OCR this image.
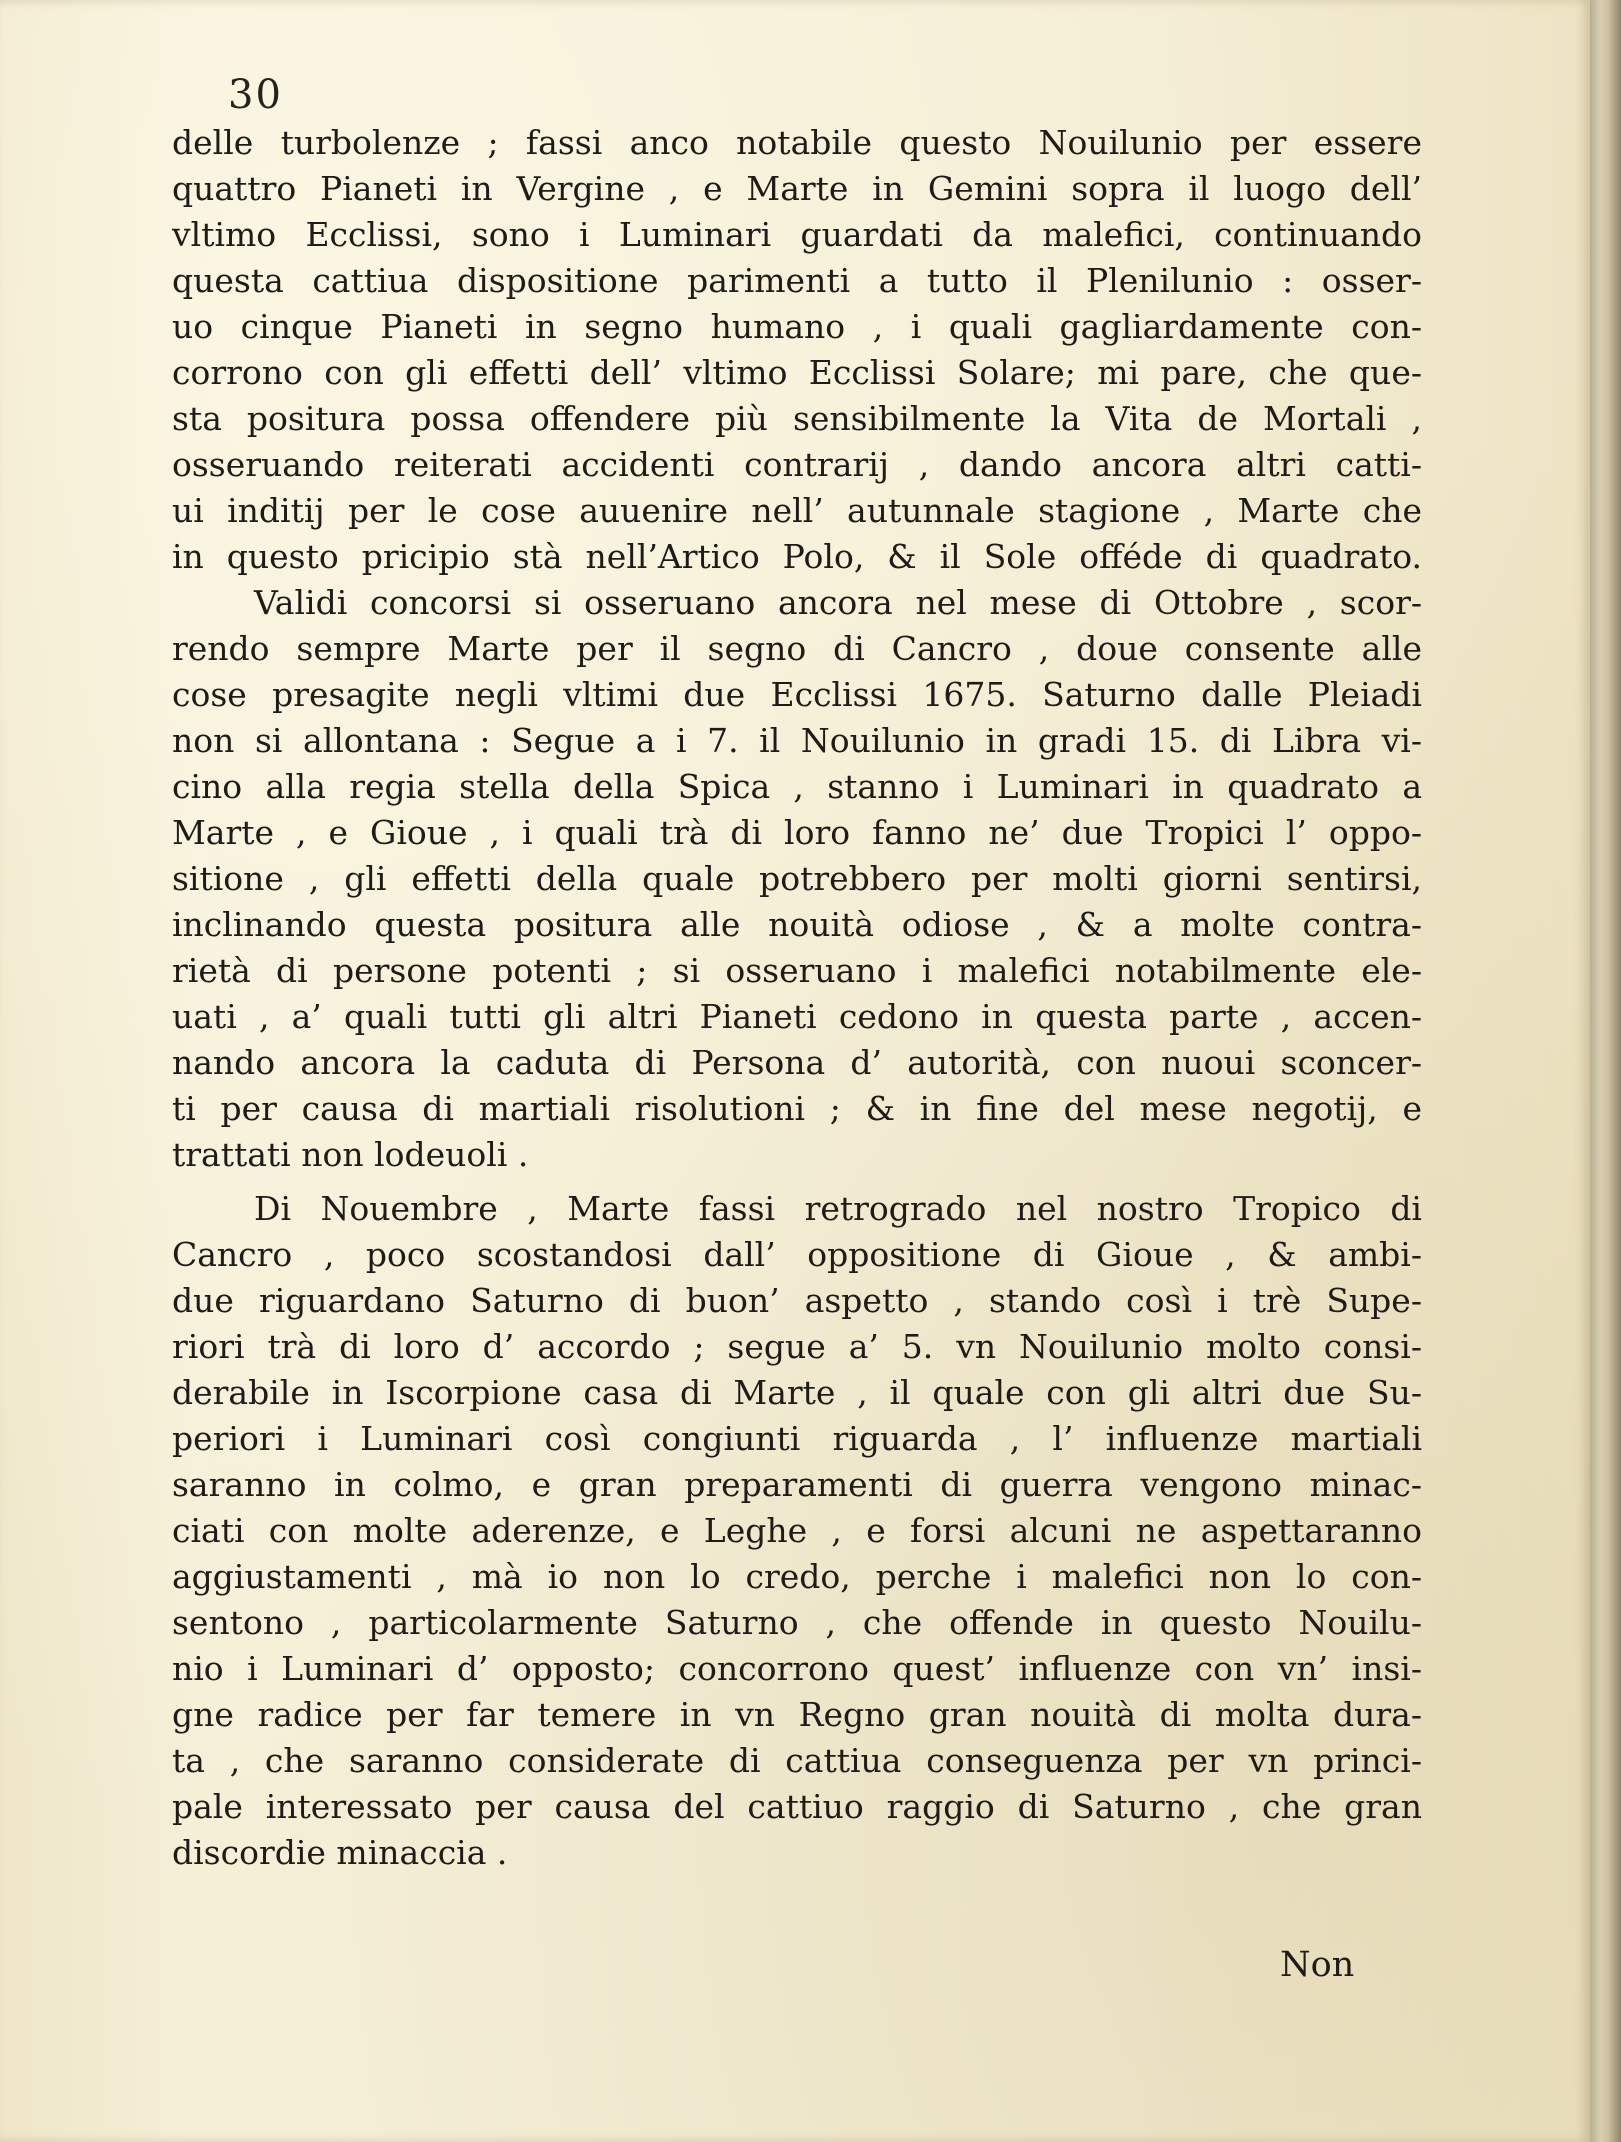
30
delle turbolenze ; fassi anco notabile questo Nouilunio per essere
quattro Pianeti in Vergine , e Marte in Gemini sopra il luogo dell’
vltimo Ecclissi, sono i Luminari guardati da malefici, continuando
questa cattiua dispositione parimenti a tutto il Plenilunio : osser-
uo cinque Pianeti in segno humano , i quali gagliardamente con-
corrono con gli effetti dell’ vltimo Ecclissi Solare; mi pare, che que-
sta positura possa offendere più sensibilmente la Vita de Mortali ,
osseruando reiterati accidenti contrarij , dando ancora altri catti-
ui inditij per le cose auuenire nell’ autunnale stagione , Marte che
in questo pricipio stà nell’Artico Polo, & il Sole offéde di quadrato.
Validi concorsi si osseruano ancora nel mese di Ottobre , scor-
rendo sempre Marte per il segno di Cancro , doue consente alle
cose presagite negli vltimi due Ecclissi 1675. Saturno dalle Pleiadi
non si allontana : Segue a i 7. il Nouilunio in gradi 15. di Libra vi-
cino alla regia stella della Spica , stanno i Luminari in quadrato a
Marte , e Gioue , i quali trà di loro fanno ne’ due Tropici l’ oppo-
sitione , gli effetti della quale potrebbero per molti giorni sentirsi,
inclinando questa positura alle nouità odiose , & a molte contra-
rietà di persone potenti ; si osseruano i malefici notabilmente ele-
uati , a’ quali tutti gli altri Pianeti cedono in questa parte , accen-
nando ancora la caduta di Persona d’ autorità, con nuoui sconcer-
ti per causa di martiali risolutioni ; & in fine del mese negotij, e
trattati non lodeuoli .
Di Nouembre , Marte fassi retrogrado nel nostro Tropico di
Cancro , poco scostandosi dall’ oppositione di Gioue , & ambi-
due riguardano Saturno di buon’ aspetto , stando così i trè Supe-
riori trà di loro d’ accordo ; segue a’ 5. vn Nouilunio molto consi-
derabile in Iscorpione casa di Marte , il quale con gli altri due Su-
periori i Luminari così congiunti riguarda , l’ influenze martiali
saranno in colmo, e gran preparamenti di guerra vengono minac-
ciati con molte aderenze, e Leghe , e forsi alcuni ne aspettaranno
aggiustamenti , mà io non lo credo, perche i malefici non lo con-
sentono , particolarmente Saturno , che offende in questo Nouilu-
nio i Luminari d’ opposto; concorrono quest’ influenze con vn’ insi-
gne radice per far temere in vn Regno gran nouità di molta dura-
ta , che saranno considerate di cattiua conseguenza per vn princi-
pale interessato per causa del cattiuo raggio di Saturno , che gran
discordie minaccia .
Non
